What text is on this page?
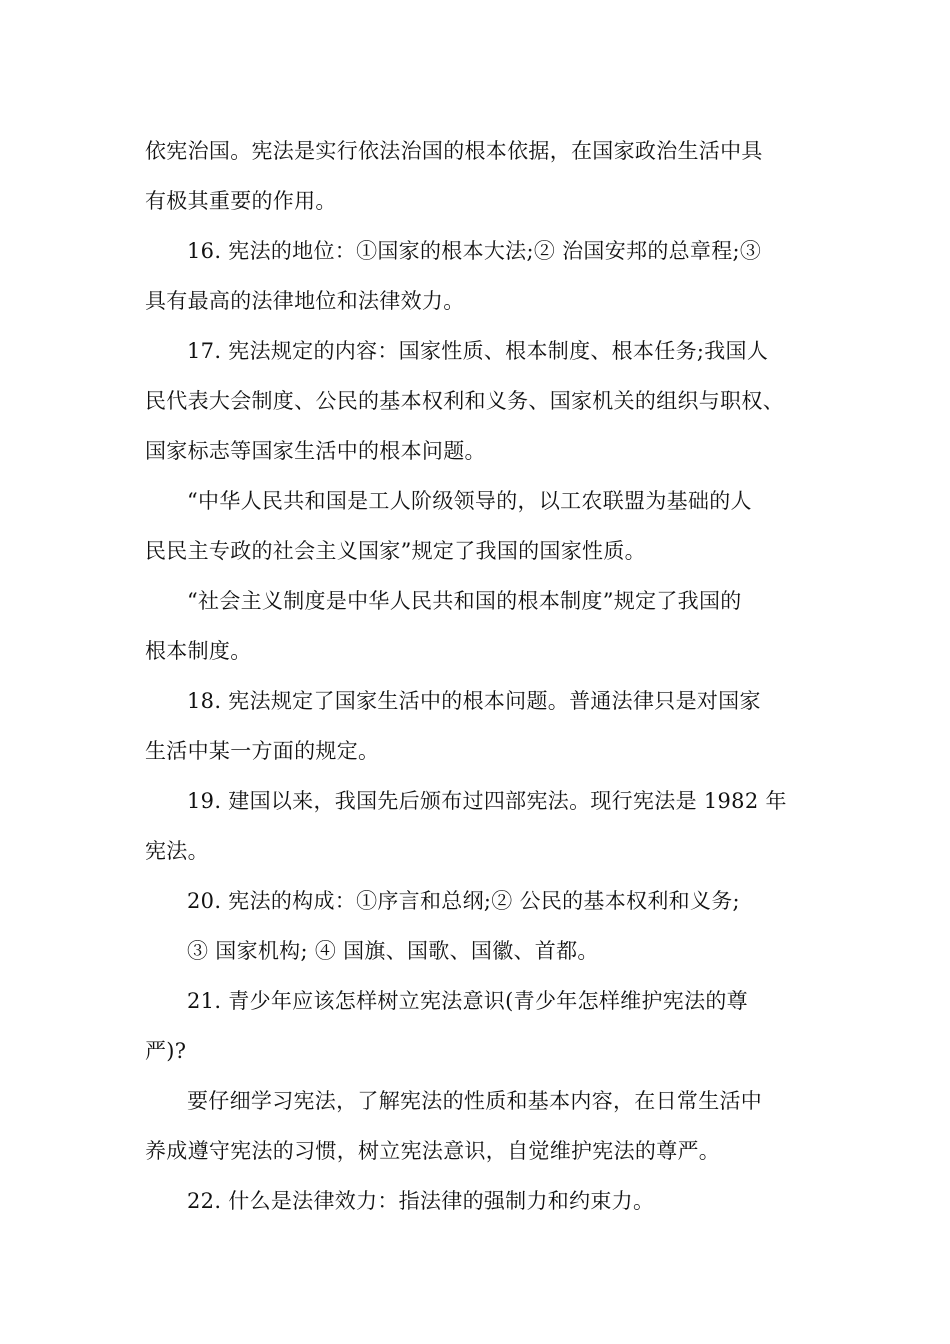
依宪治国。宪法是实行依法治国的根本依据，在国家政治生活中具
有极其重要的作用。
16. 宪法的地位：①国家的根本大法;② 治国安邦的总章程;③
具有最高的法律地位和法律效力。
17. 宪法规定的内容：国家性质、根本制度、根本任务;我国人
民代表大会制度、公民的基本权利和义务、国家机关的组织与职权、
国家标志等国家生活中的根本问题。
“中华人民共和国是工人阶级领导的，以工农联盟为基础的人
民民主专政的社会主义国家”规定了我国的国家性质。
“社会主义制度是中华人民共和国的根本制度”规定了我国的
根本制度。
18. 宪法规定了国家生活中的根本问题。普通法律只是对国家
生活中某一方面的规定。
19. 建国以来，我国先后颁布过四部宪法。现行宪法是 1982 年
宪法。
20. 宪法的构成：①序言和总纲;② 公民的基本权利和义务;
③ 国家机构; ④ 国旗、国歌、国徽、首都。
21. 青少年应该怎样树立宪法意识(青少年怎样维护宪法的尊
严)?
要仔细学习宪法，了解宪法的性质和基本内容，在日常生活中
养成遵守宪法的习惯，树立宪法意识，自觉维护宪法的尊严。
22. 什么是法律效力：指法律的强制力和约束力。
